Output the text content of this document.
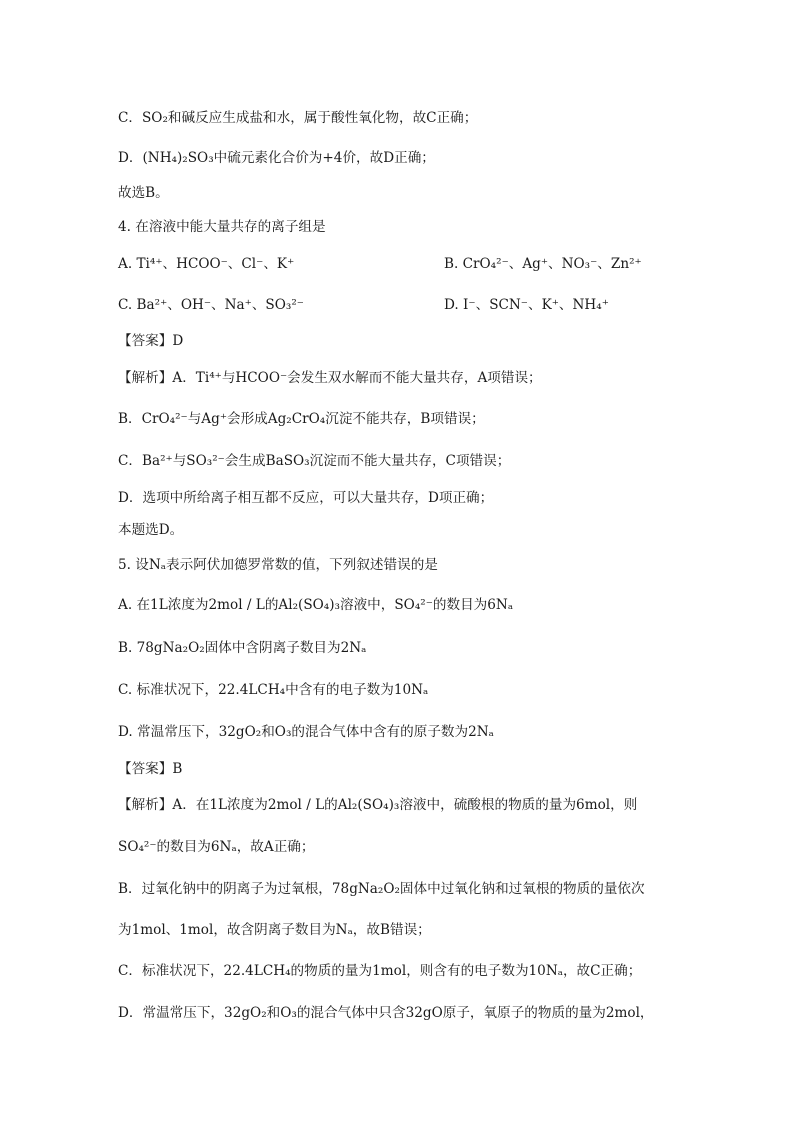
C．SO₂和碱反应生成盐和水，属于酸性氧化物，故C正确；
D．(NH₄)₂SO₃中硫元素化合价为+4价，故D正确；
故选B。
4. 在溶液中能大量共存的离子组是
A. Ti⁴⁺、HCOO⁻、Cl⁻、K⁺	B. CrO₄²⁻、Ag⁺、NO₃⁻、Zn²⁺
C. Ba²⁺、OH⁻、Na⁺、SO₃²⁻	D. I⁻、SCN⁻、K⁺、NH₄⁺
【答案】D
【解析】A．Ti⁴⁺与HCOO⁻会发生双水解而不能大量共存，A项错误；
B．CrO₄²⁻与Ag⁺会形成Ag₂CrO₄沉淀不能共存，B项错误；
C．Ba²⁺与SO₃²⁻会生成BaSO₃沉淀而不能大量共存，C项错误；
D．选项中所给离子相互都不反应，可以大量共存，D项正确；
本题选D。
5. 设Nₐ表示阿伏加德罗常数的值，下列叙述错误的是
A. 在1L浓度为2mol / L的Al₂(SO₄)₃溶液中，SO₄²⁻的数目为6Nₐ
B. 78gNa₂O₂固体中含阴离子数目为2Nₐ
C. 标准状况下，22.4LCH₄中含有的电子数为10Nₐ
D. 常温常压下，32gO₂和O₃的混合气体中含有的原子数为2Nₐ
【答案】B
【解析】A．在1L浓度为2mol / L的Al₂(SO₄)₃溶液中，硫酸根的物质的量为6mol，则
SO₄²⁻的数目为6Nₐ，故A正确；
B．过氧化钠中的阴离子为过氧根，78gNa₂O₂固体中过氧化钠和过氧根的物质的量依次
为1mol、1mol，故含阴离子数目为Nₐ，故B错误；
C．标准状况下，22.4LCH₄的物质的量为1mol，则含有的电子数为10Nₐ，故C正确；
D．常温常压下，32gO₂和O₃的混合气体中只含32gO原子，氧原子的物质的量为2mol，
